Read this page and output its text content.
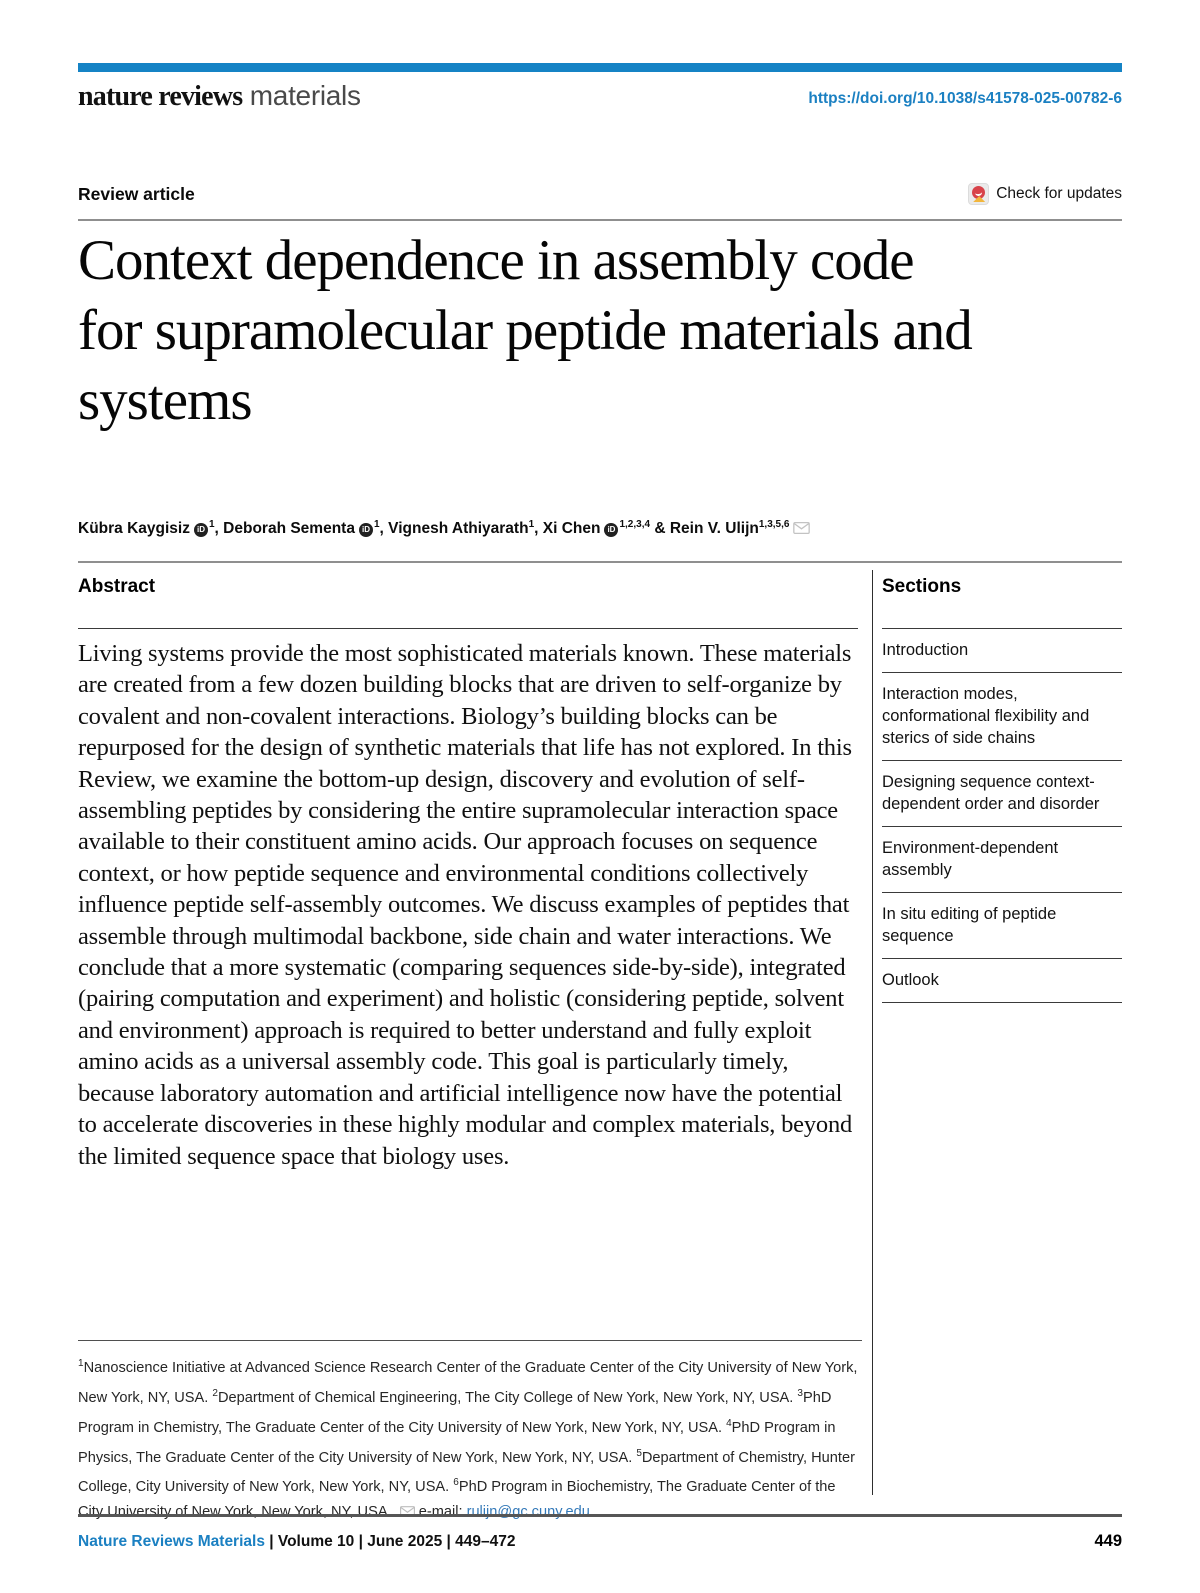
nature reviews materials	https://doi.org/10.1038/s41578-025-00782-6
Review article	Check for updates
Context dependence in assembly code for supramolecular peptide materials and systems
Kübra Kaygisiz iD $^1$, Deborah Sementa iD $^1$, Vignesh Athiyarath$^1$, Xi Chen iD $^{1,2,3,4}$ & Rein V. Ulijn$^{1,3,5,6}$
Abstract

Living systems provide the most sophisticated materials known. These materials are created from a few dozen building blocks that are driven to self-organize by covalent and non-covalent interactions. Biology’s building blocks can be repurposed for the design of synthetic materials that life has not explored. In this Review, we examine the bottom-up design, discovery and evolution of self-assembling peptides by considering the entire supramolecular interaction space available to their constituent amino acids. Our approach focuses on sequence context, or how peptide sequence and environmental conditions collectively influence peptide self-assembly outcomes. We discuss examples of peptides that assemble through multimodal backbone, side chain and water interactions. We conclude that a more systematic (comparing sequences side-by-side), integrated (pairing computation and experiment) and holistic (considering peptide, solvent and environment) approach is required to better understand and fully exploit amino acids as a universal assembly code. This goal is particularly timely, because laboratory automation and artificial intelligence now have the potential to accelerate discoveries in these highly modular and complex materials, beyond the limited sequence space that biology uses.

Sections
Introduction
Interaction modes, conformational flexibility and sterics of side chains
Designing sequence context-dependent order and disorder
Environment-dependent assembly
In situ editing of peptide sequence
Outlook
$^1$Nanoscience Initiative at Advanced Science Research Center of the Graduate Center of the City University of New York, New York, NY, USA. $^2$Department of Chemical Engineering, The City College of New York, New York, NY, USA. $^3$PhD Program in Chemistry, The Graduate Center of the City University of New York, New York, NY, USA. $^4$PhD Program in Physics, The Graduate Center of the City University of New York, New York, NY, USA. $^5$Department of Chemistry, Hunter College, City University of New York, New York, NY, USA. $^6$PhD Program in Biochemistry, The Graduate Center of the City University of New York, New York, NY, USA.  e-mail: rulijn@gc.cuny.edu
Nature Reviews Materials | Volume 10 | June 2025 | 449–472	449
